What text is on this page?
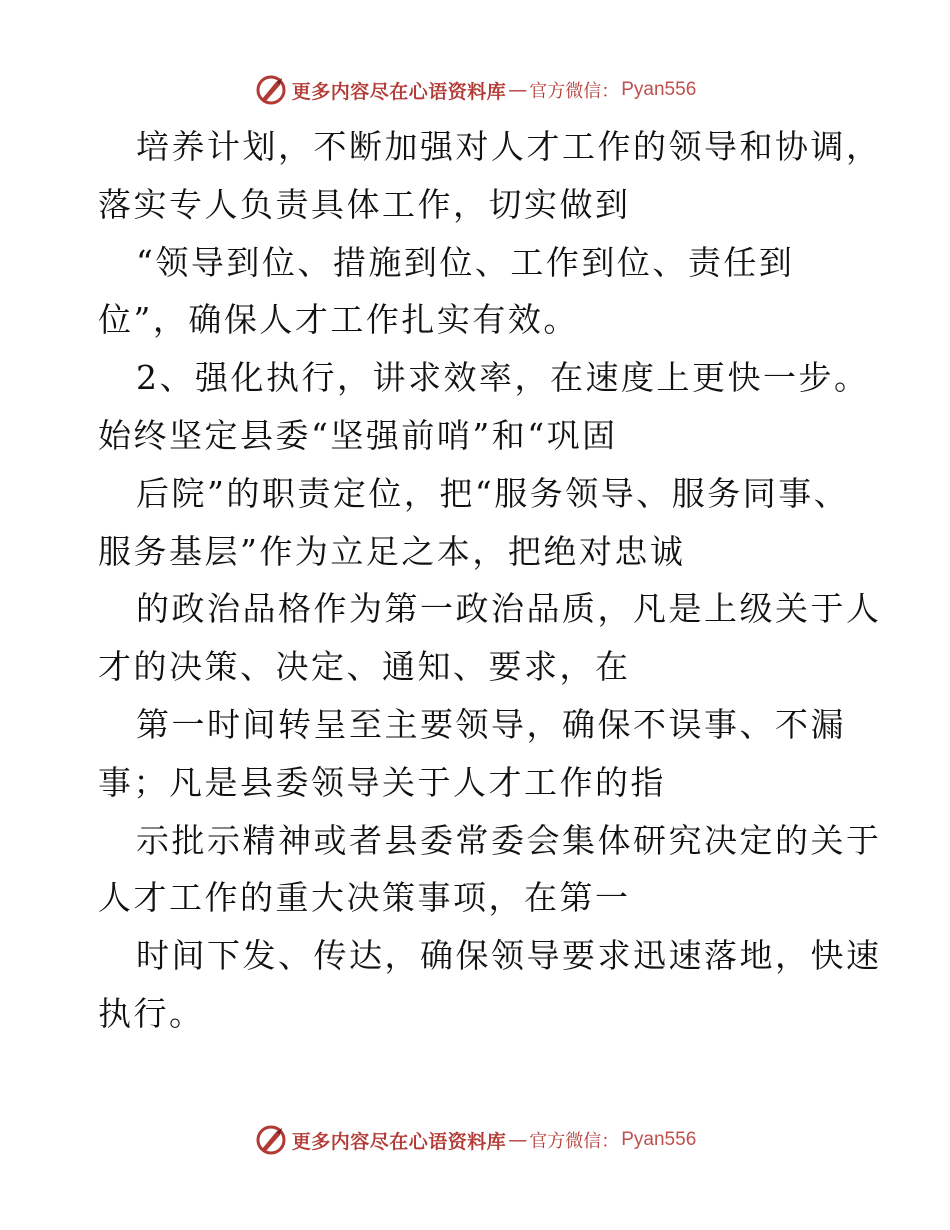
更多内容尽在心语资料库 — 官方微信： Pyan556
培养计划，不断加强对人才工作的领导和协调，
落实专人负责具体工作，切实做到
“领导到位、措施到位、工作到位、责任到
位”，确保人才工作扎实有效。
2、强化执行，讲求效率，在速度上更快一步。
始终坚定县委“坚强前哨”和“巩固
后院”的职责定位，把“服务领导、服务同事、
服务基层”作为立足之本，把绝对忠诚
的政治品格作为第一政治品质，凡是上级关于人
才的决策、决定、通知、要求，在
第一时间转呈至主要领导，确保不误事、不漏
事；凡是县委领导关于人才工作的指
示批示精神或者县委常委会集体研究决定的关于
人才工作的重大决策事项，在第一
时间下发、传达，确保领导要求迅速落地，快速
执行。
更多内容尽在心语资料库 — 官方微信： Pyan556
